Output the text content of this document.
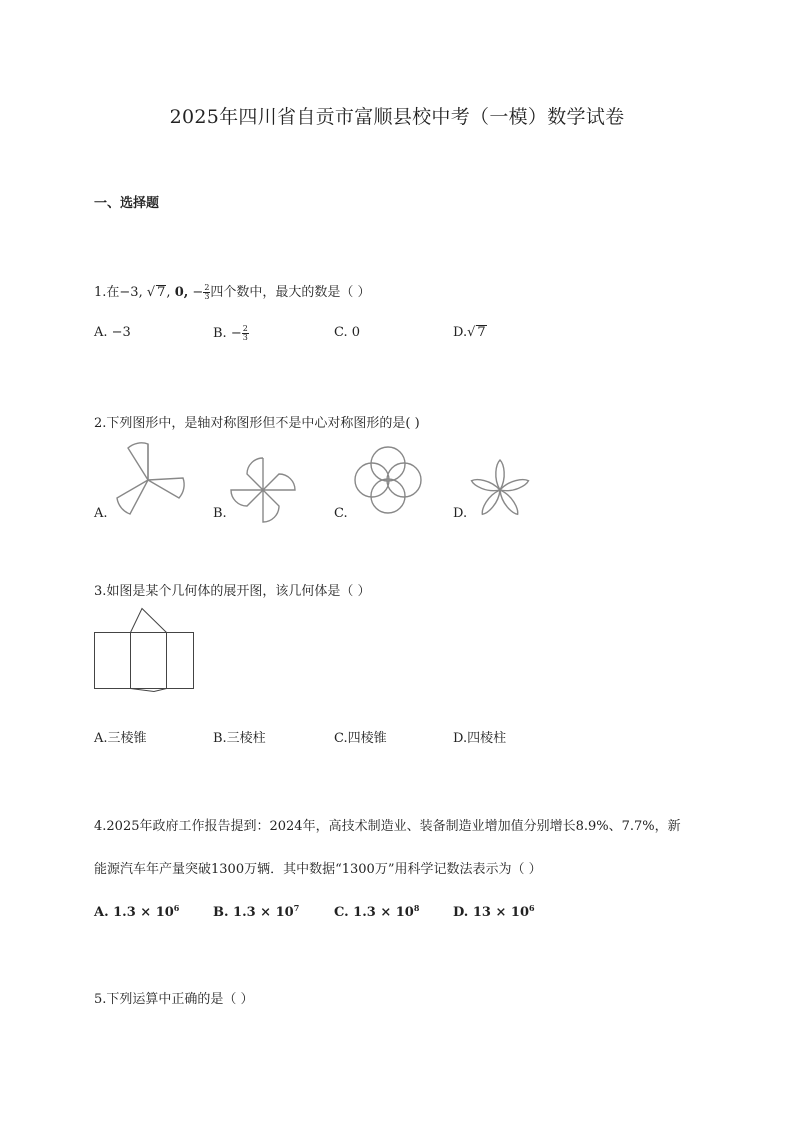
2025年四川省自贡市富顺县校中考（一模）数学试卷
一、选择题
1.在−3, √ 7, 0, − $\frac{2}{3}$ 四个数中，最大的数是（ ）
A. −3	B. − $\frac{2}{3}$	C. 0	D.√ 7
2.下列图形中，是轴对称图形但不是中心对称图形的是( )
A.	B.	C.	D.
3.如图是某个几何体的展开图，该几何体是（ ）
A.三棱锥	B.三棱柱	C.四棱锥	D.四棱柱
4.2025年政府工作报告提到：2024年，高技术制造业、装备制造业增加值分别增长8.9%、7.7%，新
能源汽车年产量突破1300万辆．其中数据“1300万”用科学记数法表示为（ ）
A. $1.3 \times 10^6$	B. $1.3 \times 10^7$	C. $1.3 \times 10^8$	D. $13 \times 10^6$
5.下列运算中正确的是（ ）
